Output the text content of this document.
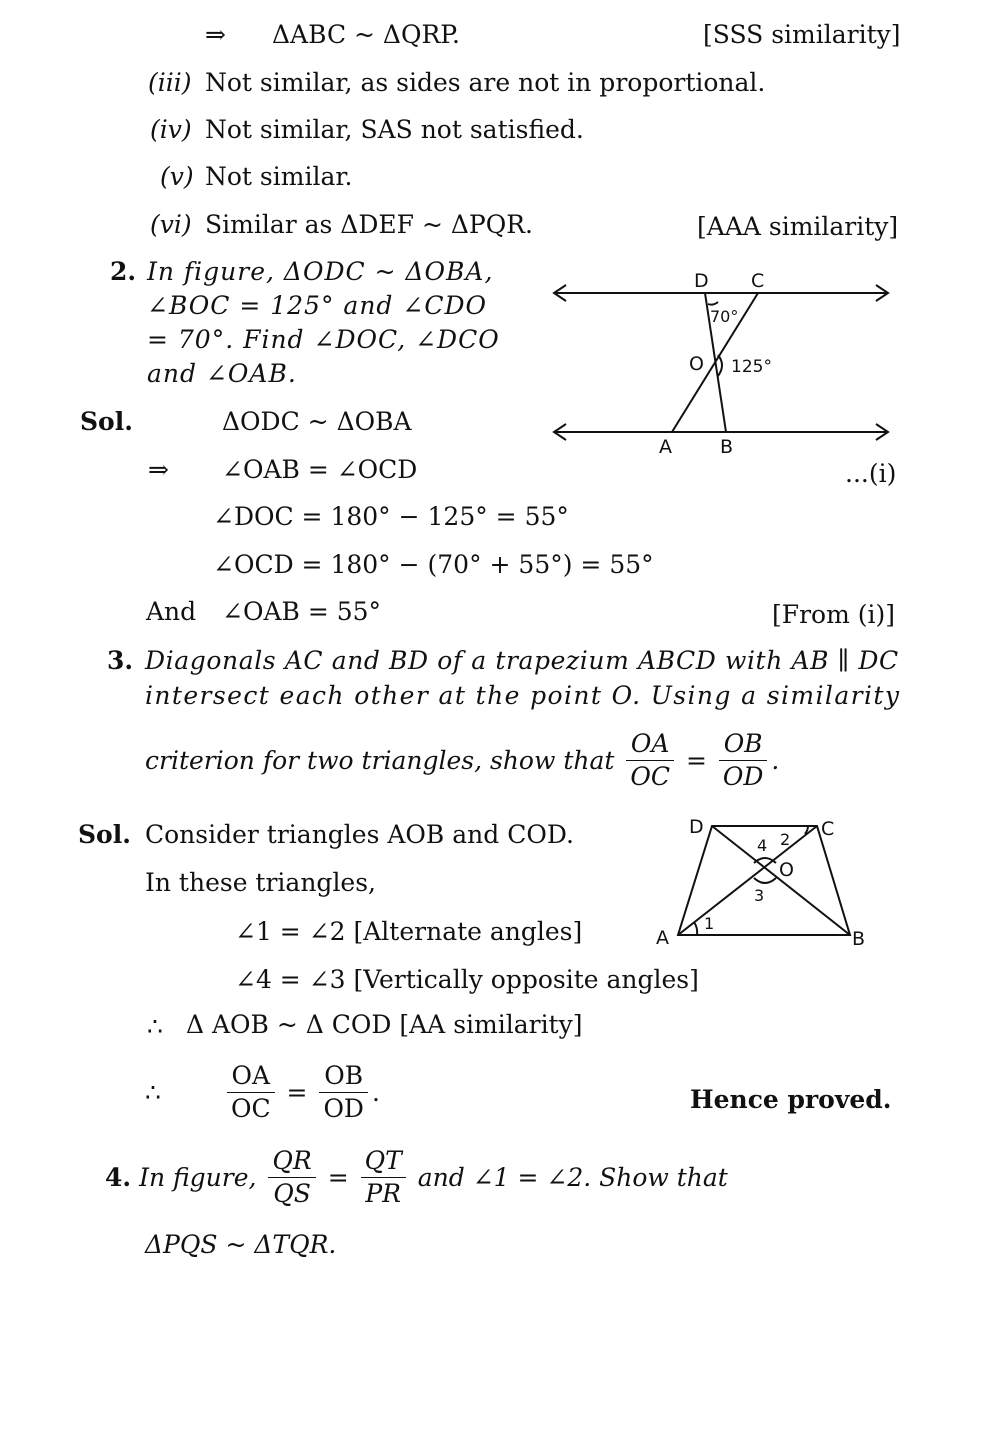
⇒ ΔABC ~ ΔQRP.	[SSS similarity]
(iii) Not similar, as sides are not in proportional.
(iv) Not similar, SAS not satisfied.
(v) Not similar.
(vi) Similar as ΔDEF ~ ΔPQR.	[AAA similarity]
2. In figure, ΔODC ~ ΔOBA,
∠BOC = 125° and ∠CDO
= 70°. Find ∠DOC, ∠DCO
and ∠OAB.
D C
O
A	B
70°
125°
D	C
A	B
O
1
2
3
4
Sol.	ΔODC ~ ΔOBA
⇒ ∠OAB = ∠OCD	...(i)
∠DOC = 180° − 125° = 55°
∠OCD = 180° − (70° + 55°) = 55°
And ∠OAB = 55°	[From (i)]
3. Diagonals AC and BD of a trapezium ABCD with AB ∥ DC
intersect each other at the point O. Using a similarity
criterion for two triangles, show that $\frac{OA}{OC} = \frac{OB}{OD}$ .
Sol. Consider triangles AOB and COD.
In these triangles,
∠1 = ∠2 [Alternate angles]
∠4 = ∠3 [Vertically opposite angles]
∴ Δ AOB ~ Δ COD [AA similarity]
∴	$\frac{OA}{OC} = \frac{OB}{OD}$ .	Hence proved.
4. In figure, $\frac{QR}{QS} = \frac{QT}{PR}$ and ∠1 = ∠2. Show that
ΔPQS ~ ΔTQR.
